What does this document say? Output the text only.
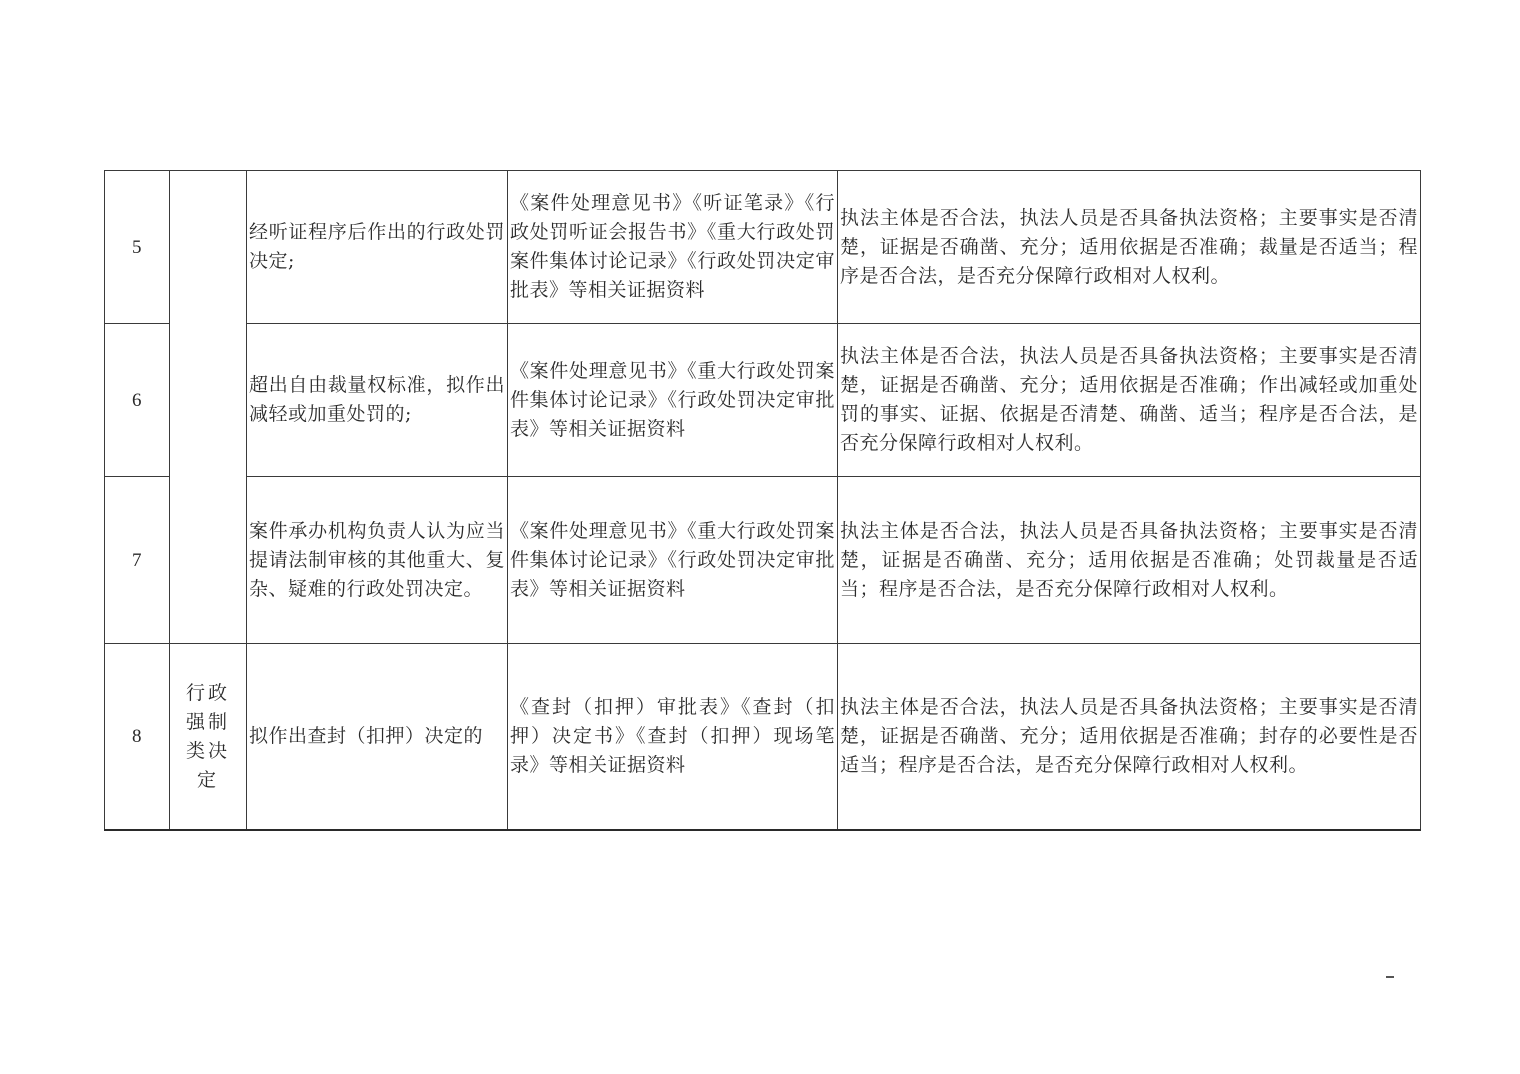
5		经听证程序后作出的行政处罚决定;	《案件处理意见书》《听证笔录》《行政处罚听证会报告书》《重大行政处罚案件集体讨论记录》《行政处罚决定审批表》等相关证据资料	执法主体是否合法，执法人员是否具备执法资格；主要事实是否清楚，证据是否确凿、充分；适用依据是否准确；裁量是否适当；程序是否合法，是否充分保障行政相对人权利。
6		超出自由裁量权标准，拟作出减轻或加重处罚的;	《案件处理意见书》《重大行政处罚案件集体讨论记录》《行政处罚决定审批表》等相关证据资料	执法主体是否合法，执法人员是否具备执法资格；主要事实是否清楚，证据是否确凿、充分；适用依据是否准确；作出减轻或加重处罚的事实、证据、依据是否清楚、确凿、适当；程序是否合法，是否充分保障行政相对人权利。
7		案件承办机构负责人认为应当提请法制审核的其他重大、复杂、疑难的行政处罚决定。	《案件处理意见书》《重大行政处罚案件集体讨论记录》《行政处罚决定审批表》等相关证据资料	执法主体是否合法，执法人员是否具备执法资格；主要事实是否清楚，证据是否确凿、充分；适用依据是否准确；处罚裁量是否适当；程序是否合法，是否充分保障行政相对人权利。
8	行政强制类决定	拟作出查封（扣押）决定的	《查封（扣押）审批表》《查封（扣押）决定书》《查封（扣押）现场笔录》等相关证据资料	执法主体是否合法，执法人员是否具备执法资格；主要事实是否清楚，证据是否确凿、充分；适用依据是否准确；封存的必要性是否适当；程序是否合法，是否充分保障行政相对人权利。
